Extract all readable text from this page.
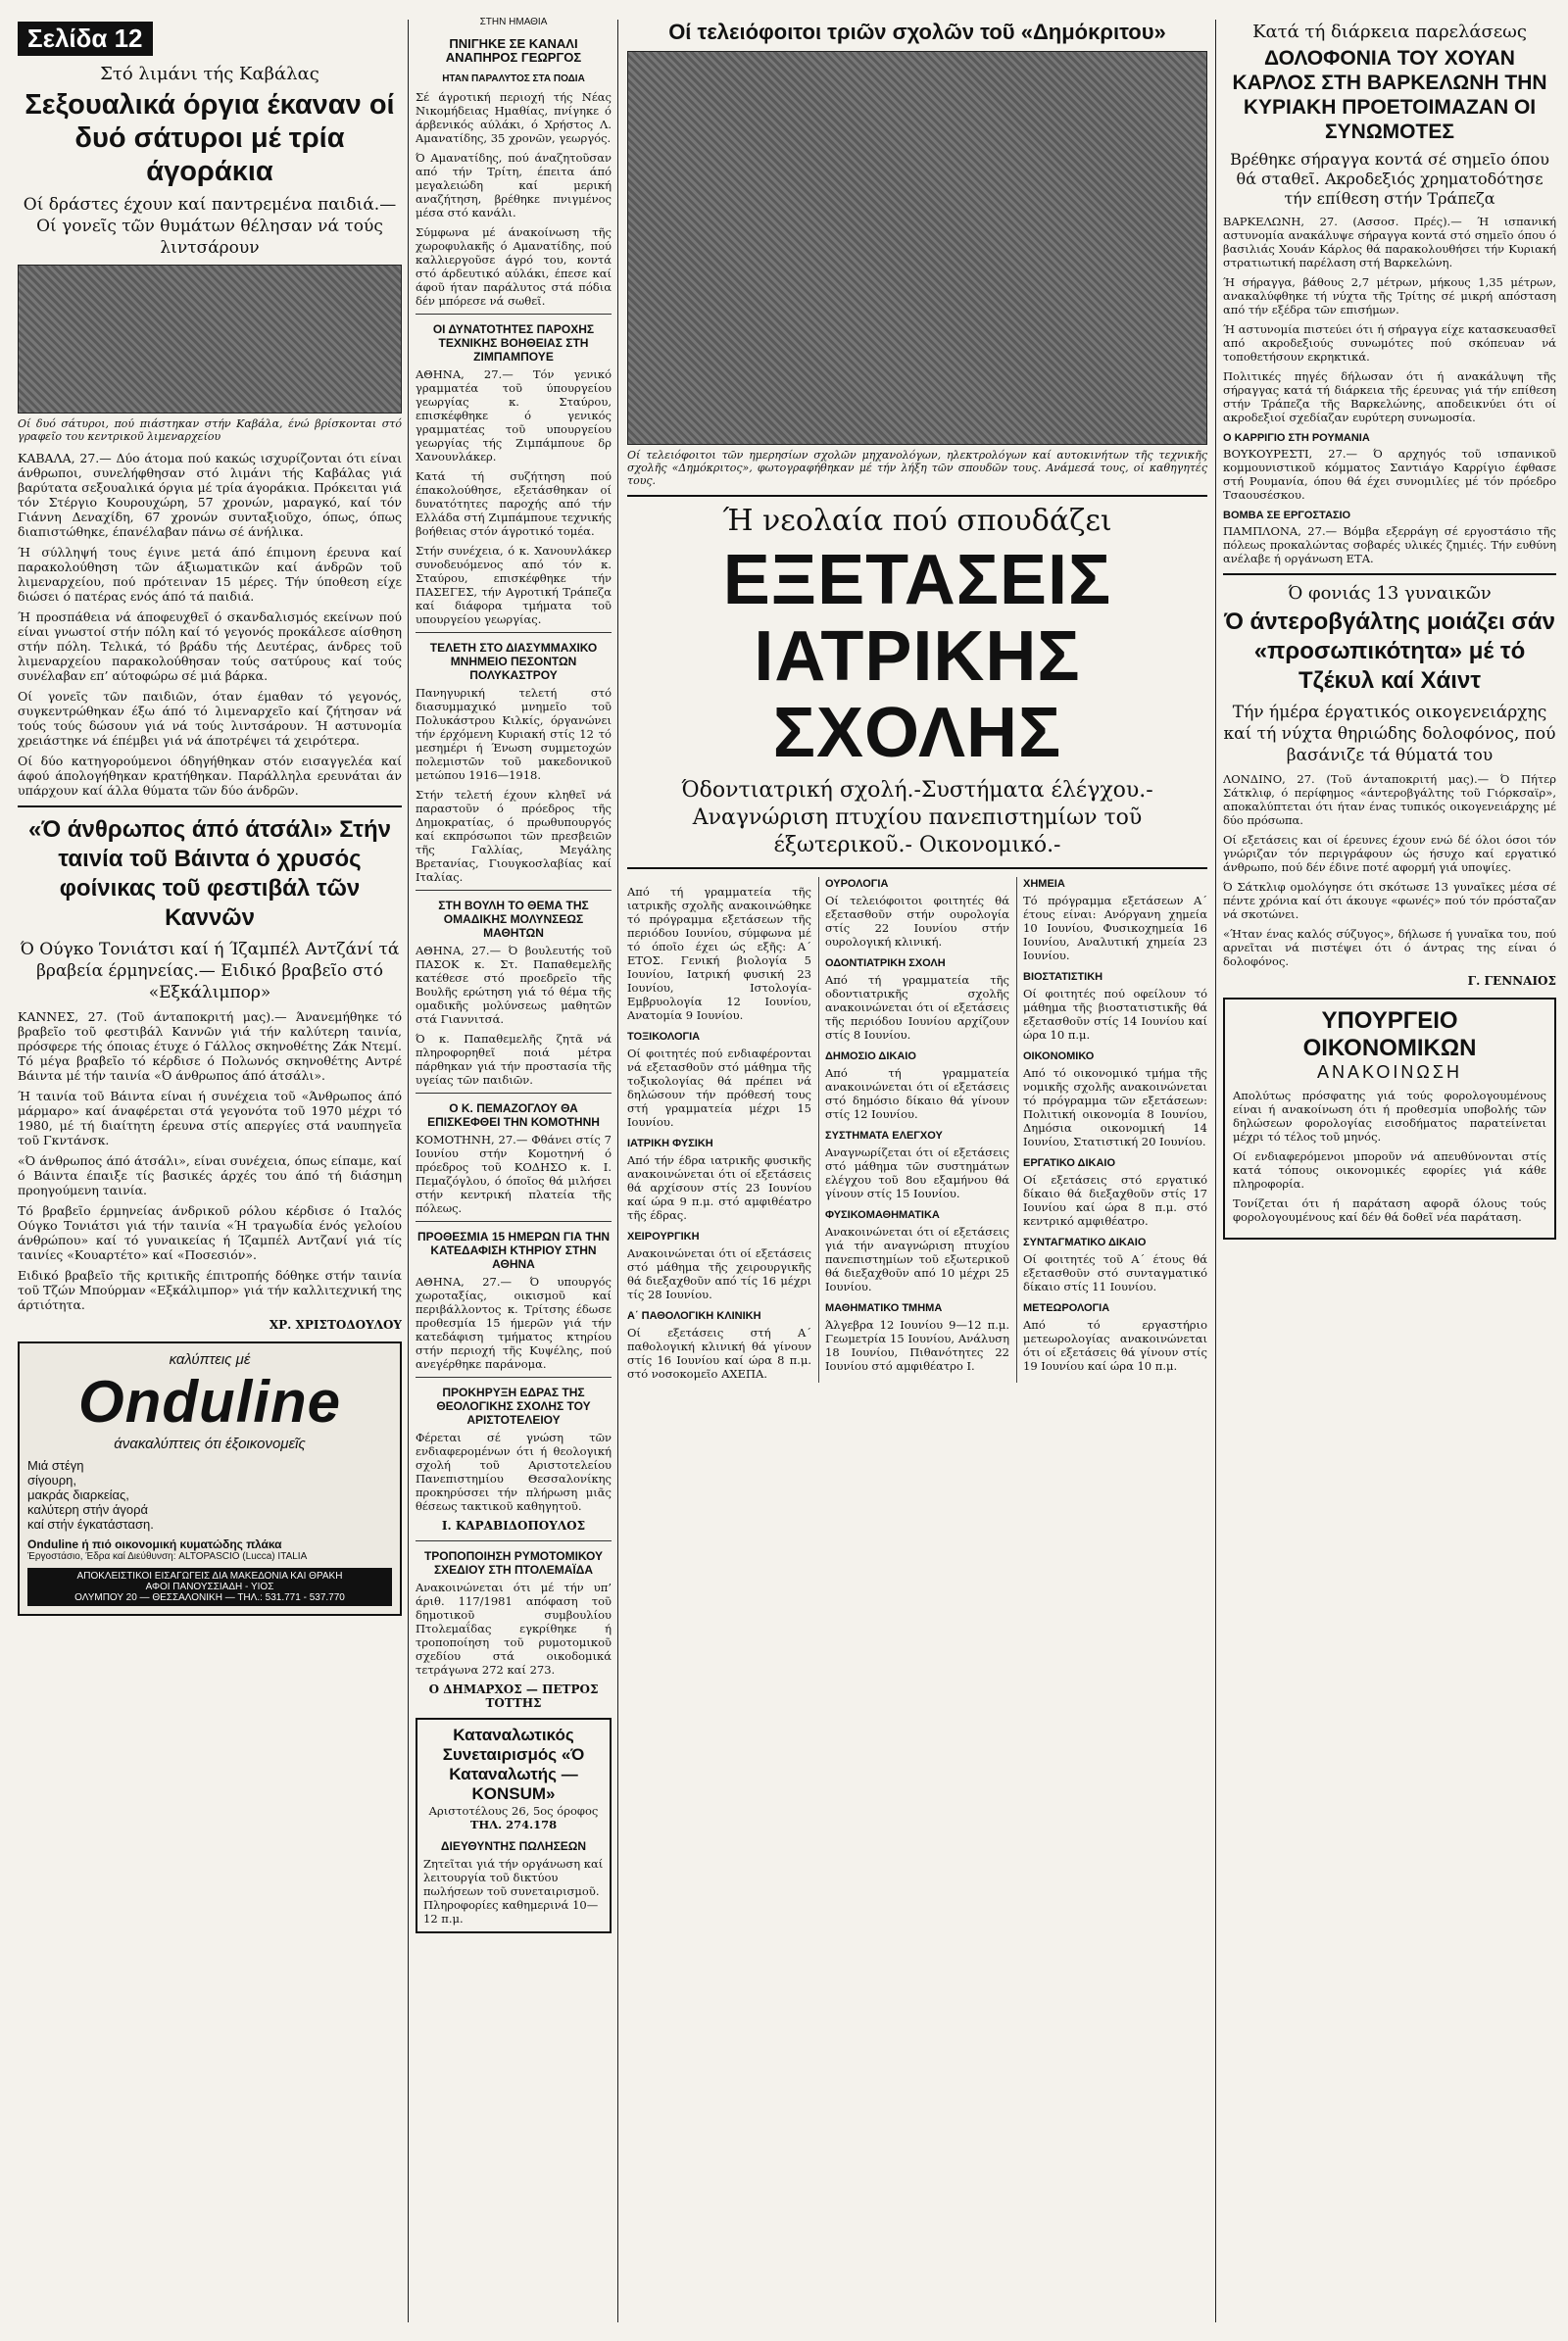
Σελίδα 12
Στό λιμάνι τής Καβάλας
Σεξουαλικά όργια έκαναν οί δυό σάτυροι μέ τρία άγοράκια
Οί δράστες έχουν καί παντρεμένα παιδιά.— Οί γονεῖς τῶν θυμάτων θέλησαν νά τούς λιντσάρουν
Οί δυό σάτυροι, πού πιάστηκαν στήν Καβάλα, ένώ βρίσκονται στό γραφεῖο του κεντρικοῦ λιμεναρχείου

ΚΑΒΑΛΑ, 27.— Δύο άτομα πού κακώς ισχυρίζονται ότι είναι άνθρωποι, συνελήφθησαν στό λιμάνι τής Καβάλας γιά βαρύτατα σεξουαλικά όργια μέ τρία άγοράκια. Πρόκειται γιά τόν Στέργιο Κουρουχώρη, 57 χρονών, μαραγκό, καί τόν Γιάννη Δεναχίδη, 67 χρονών συνταξιοῦχο, όπως, όπως διαπιστώθηκε, έπανέλαβαν πάνω σέ άνήλικα.

Ή σύλληψή τους έγινε μετά άπό έπιμονη έρευνα καί παρακολούθηση τῶν άξιωματικῶν καί άνδρῶν τοῦ λιμεναρχείου, πού πρότειναν 15 μέρες. Τήν ύποθεση είχε διώσει ό πατέρας ενός άπό τά παιδιά.

Ή προσπάθεια νά άποφευχθεῖ ό σκανδαλισμός εκείνων πού είναι γνωστοί στήν πόλη καί τό γεγονός προκάλεσε αίσθηση στήν πόλη. Τελικά, τό βράδυ τής Δευτέρας, άνδρες τοῦ λιμεναρχείου παρακολούθησαν τούς σατύρους καί τούς συνέλαβαν επ’ αύτοφώρω σέ μιά βάρκα.

Οί γονεῖς τῶν παιδιῶν, όταν έμαθαν τό γεγονός, συγκεντρώθηκαν έξω άπό τό λιμεναρχεῖο καί ζήτησαν νά τούς τούς δώσουν γιά νά τούς λιντσάρουν. Ή αστυνομία χρειάστηκε νά έπέμβει γιά νά άποτρέψει τά χειρότερα.

Οί δύο κατηγορούμενοι όδηγήθηκαν στόν εισαγγελέα καί άφού άπολογήθηκαν κρατήθηκαν. Παράλληλα ερευνάται άν υπάρχουν καί άλλα θύματα τῶν δύο άνδρῶν.

«Ό άνθρωπος άπό άτσάλι» Στήν ταινία τοῦ Βάιντα ό χρυσός φοίνικας τοῦ φεστιβάλ τῶν Καννῶν
Ό Ούγκο Τονιάτσι καί ή Ίζαμπέλ Αντζάνί τά βραβεία έρμηνείας.— Ειδικό βραβεῖο στό «Εξκάλιμπορ»

ΚΑΝΝΕΣ, 27. (Τοῦ άνταποκριτή μας).— Άνανεμήθηκε τό βραβεῖο τοῦ φεστιβάλ Καννῶν γιά τήν καλύτερη ταινία, πρόσφερε τής όποιας έτυχε ό Γάλλος σκηνοθέτης Ζάκ Ντεμί. Τό μέγα βραβεῖο τό κέρδισε ό Πολωνός σκηνοθέτης Αντρέ Βάιντα μέ τήν ταινία «Ό άνθρωπος άπό άτσάλι».

Ή ταινία τοῦ Βάιντα είναι ή συνέχεια τοῦ «Άνθρωπος άπό μάρμαρο» καί άναφέρεται στά γεγονότα τοῦ 1970 μέχρι τό 1980, μέ τή διαίτητη έρευνα στίς απεργίες στά ναυπηγεῖα τοῦ Γκντάνσκ.

«Ό άνθρωπος άπό άτσάλι», είναι συνέχεια, όπως είπαμε, καί ό Βάιντα έπαιξε τίς βασικές άρχές του άπό τή διάσημη προηγούμενη ταινία.

Τό βραβεῖο έρμηνείας άνδρικοῦ ρόλου κέρδισε ό Ιταλός Ούγκο Τονιάτσι γιά τήν ταινία «Ή τραγωδία ένός γελοίου άνθρώπου» καί τό γυναικείας ή Ίζαμπέλ Αντζανί γιά τίς ταινίες «Κουαρτέτο» καί «Ποσεσιόν».

Ειδικό βραβεῖο τῆς κριτικῆς έπιτροπής δόθηκε στήν ταινία τοῦ Τζών Μπούρμαν «Εξκάλιμπορ» γιά τήν καλλιτεχνική της άρτιότητα.

ΧΡ. ΧΡΙΣΤΟΔΟΥΛΟΥ
καλύπτεις μέ
Onduline
άνακαλύπτεις ότι έξοικονομεῖς
Μιά στέγη
σίγουρη,
μακράς διαρκείας,
καλύτερη στήν άγορά
καί στήν έγκατάσταση.
Onduline ή πιό οικονομική κυματώδης πλάκα
Έργοστάσιο, Έδρα καί Διεύθυνση: ALTOPASCIO (Lucca) ITALIA
ΑΠΟΚΛΕΙΣΤΙΚΟΙ ΕΙΣΑΓΩΓΕΙΣ ΔΙΑ ΜΑΚΕΔΟΝΙΑ ΚΑΙ ΘΡΑΚΗ
ΑΦΟΙ ΠΑΝΟΥΣΣΙΑΔΗ - ΥΙΟΣ
ΟΛΥΜΠΟΥ 20 — ΘΕΣΣΑΛΟΝΙΚΗ — ΤΗΛ.: 531.771 - 537.770
ΣΤΗΝ ΗΜΑΘΙΑ
ΠΝΙΓΗΚΕ ΣΕ ΚΑΝΑΛΙ ΑΝΑΠΗΡΟΣ ΓΕΩΡΓΟΣ
ΗΤΑΝ ΠΑΡΑΛΥΤΟΣ ΣΤΑ ΠΟΔΙΑ

Σέ άγροτική περιοχή τής Νέας Νικομήδειας Ημαθίας, πνίγηκε ό άρβενικός αύλάκι, ό Χρήστος Λ. Αμανατίδης, 35 χρονῶν, γεωργός.

Ό Αμανατίδης, πού άναζητοῦσαν από τήν Τρίτη, έπειτα άπό μεγαλειώδη καί μερική αναζήτηση, βρέθηκε πνιγμένος μέσα στό κανάλι.

Σύμφωνα μέ άνακοίνωση τῆς χωροφυλακῆς ό Αμανατίδης, πού καλλιεργοῦσε άγρό του, κοντά στό άρδευτικό αύλάκι, έπεσε καί άφοῦ ήταν παράλυτος στά πόδια δέν μπόρεσε νά σωθεῖ.

ΟΙ ΔΥΝΑΤΟΤΗΤΕΣ ΠΑΡΟΧΗΣ ΤΕΧΝΙΚΗΣ ΒΟΗΘΕΙΑΣ ΣΤΗ ΖΙΜΠΑΜΠΟΥΕ

ΑΘΗΝΑ, 27.— Τόν γενικό γραμματέα τοῦ ύπουργείου γεωργίας κ. Σταύρου, επισκέφθηκε ό γενικός γραμματέας τοῦ υπουργείου γεωργίας τής Ζιμπάμπουε δρ Χανουνλάκερ.

Κατά τή συζήτηση πού έπακολούθησε, εξετάσθηκαν οί δυνατότητες παροχής από τήν Ελλάδα στή Ζιμπάμπουε τεχνικής βοήθειας στόν άγροτικό τομέα.

Στήν συνέχεια, ό κ. Χανουνλάκερ συνοδευόμενος από τόν κ. Σταύρου, επισκέφθηκε τήν ΠΑΣΕΓΕΣ, τήν Αγροτική Τράπεζα καί διάφορα τμήματα τοῦ υπουργείου γεωργίας.

ΤΕΛΕΤΗ ΣΤΟ ΔΙΑΣΥΜΜΑΧΙΚΟ ΜΝΗΜΕΙΟ ΠΕΣΟΝΤΩΝ ΠΟΛΥΚΑΣΤΡΟΥ

Πανηγυρική τελετή στό διασυμμαχικό μνημεῖο τοῦ Πολυκάστρου Κιλκίς, όργανώνει τήν έρχόμενη Κυριακή στίς 12 τό μεσημέρι ή Ένωση συμμετοχών πολεμιστῶν τοῦ μακεδονικοῦ μετώπου 1916—1918.

Στήν τελετή έχουν κληθεῖ νά παραστοῦν ό πρόεδρος τῆς Δημοκρατίας, ό πρωθυπουργός καί εκπρόσωποι τῶν πρεσβειῶν τῆς Γαλλίας, Μεγάλης Βρετανίας, Γιουγκοσλαβίας καί Ιταλίας.

ΣΤΗ ΒΟΥΛΗ ΤΟ ΘΕΜΑ ΤΗΣ ΟΜΑΔΙΚΗΣ ΜΟΛΥΝΣΕΩΣ ΜΑΘΗΤΩΝ

ΑΘΗΝΑ, 27.— Ό βουλευτής τοῦ ΠΑΣΟΚ κ. Στ. Παπαθεμελῆς κατέθεσε στό προεδρεῖο τῆς Βουλῆς ερώτηση γιά τό θέμα τῆς ομαδικῆς μολύνσεως μαθητῶν στά Γιαννιτσά.

Ό κ. Παπαθεμελῆς ζητᾶ νά πληροφορηθεῖ ποιά μέτρα πάρθηκαν γιά τήν προστασία τῆς υγείας τῶν παιδιῶν.

Ο Κ. ΠΕΜΑΖΟΓΛΟΥ ΘΑ ΕΠΙΣΚΕΦΘΕΙ ΤΗΝ ΚΟΜΟΤΗΝΗ

ΚΟΜΟΤΗΝΗ, 27.— Φθάνει στίς 7 Ιουνίου στήν Κομοτηνή ό πρόεδρος τοῦ ΚΟΔΗΣΟ κ. Ι. Πεμαζόγλου, ό όποῖος θά μιλήσει στήν κεντρική πλατεία τῆς πόλεως.

ΠΡΟΘΕΣΜΙΑ 15 ΗΜΕΡΩΝ ΓΙΑ ΤΗΝ ΚΑΤΕΔΑΦΙΣΗ ΚΤΗΡΙΟΥ ΣΤΗΝ ΑΘΗΝΑ

ΑΘΗΝΑ, 27.— Ό υπουργός χωροταξίας, οικισμοῦ καί περιβάλλοντος κ. Τρίτσης έδωσε προθεσμία 15 ήμερῶν γιά τήν κατεδάφιση τμήματος κτηρίου στήν περιοχή τῆς Κυψέλης, πού ανεγέρθηκε παράνομα.

ΠΡΟΚΗΡΥΞΗ ΕΔΡΑΣ ΤΗΣ ΘΕΟΛΟΓΙΚΗΣ ΣΧΟΛΗΣ ΤΟΥ ΑΡΙΣΤΟΤΕΛΕΙΟΥ

Φέρεται σέ γνώση τῶν ενδιαφερομένων ότι ή θεολογική σχολή τοῦ Αριστοτελείου Πανεπιστημίου Θεσσαλονίκης προκηρύσσει τήν πλήρωση μιᾶς θέσεως τακτικοῦ καθηγητοῦ.

Ι. ΚΑΡΑΒΙΔΟΠΟΥΛΟΣ
ΤΡΟΠΟΠΟΙΗΣΗ ΡΥΜΟΤΟΜΙΚΟΥ ΣΧΕΔΙΟΥ ΣΤΗ ΠΤΟΛΕΜΑΪΔΑ

Ανακοινώνεται ότι μέ τήν υπ’ άριθ. 117/1981 απόφαση τοῦ δημοτικοῦ συμβουλίου Πτολεμαΐδας εγκρίθηκε ή τροποποίηση τοῦ ρυμοτομικοῦ σχεδίου στά οικοδομικά τετράγωνα 272 καί 273.

Ο ΔΗΜΑΡΧΟΣ — ΠΕΤΡΟΣ ΤΟΤΤΗΣ
Καταναλωτικός Συνεταιρισμός «Ό Καταναλωτής — KONSUM»
Αριστοτέλους 26, 5ος όροφος
ΤΗΛ. 274.178
ΔΙΕΥΘΥΝΤΗΣ ΠΩΛΗΣΕΩΝ
Ζητεῖται γιά τήν οργάνωση καί λειτουργία τοῦ δικτύου πωλήσεων τοῦ συνεταιρισμοῦ. Πληροφορίες καθημερινά 10—12 π.μ.
Οί τελειόφοιτοι τριῶν σχολῶν τοῦ «Δημόκριτου»
Οί τελειόφοιτοι τῶν ημερησίων σχολῶν μηχανολόγων, ηλεκτρολόγων καί αυτοκινήτων τῆς τεχνικῆς σχολῆς «Δημόκριτος», φωτογραφήθηκαν μέ τήν λήξη τῶν σπουδῶν τους. Ανάμεσά τους, οί καθηγητές τους.
Ή νεολαία πού σπουδάζει
ΕΞΕΤΑΣΕΙΣ ΙΑΤΡΙΚΗΣ ΣΧΟΛΗΣ
Όδοντιατρική σχολή.-Συστήματα έλέγχου.- Αναγνώριση πτυχίου πανεπιστημίων τοῦ έξωτερικοῦ.- Οικονομικό.-

Από τή γραμματεία τῆς ιατρικῆς σχολῆς ανακοινώθηκε τό πρόγραμμα εξετάσεων τῆς περιόδου Ιουνίου, σύμφωνα μέ τό όποῖο έχει ώς εξῆς: Α΄ ΕΤΟΣ. Γενική βιολογία 5 Ιουνίου, Ιατρική φυσική 23 Ιουνίου, Ιστολογία-Εμβρυολογία 12 Ιουνίου, Ανατομία 9 Ιουνίου.

ΤΟΞΙΚΟΛΟΓΙΑ

Οί φοιτητές πού ενδιαφέρονται νά εξετασθοῦν στό μάθημα τῆς τοξικολογίας θά πρέπει νά δηλώσουν τήν πρόθεσή τους στή γραμματεία μέχρι 15 Ιουνίου.

ΙΑΤΡΙΚΗ ΦΥΣΙΚΗ

Από τήν έδρα ιατρικῆς φυσικῆς ανακοινώνεται ότι οί εξετάσεις θά αρχίσουν στίς 23 Ιουνίου καί ώρα 9 π.μ. στό αμφιθέατρο τῆς έδρας.

ΧΕΙΡΟΥΡΓΙΚΗ

Ανακοινώνεται ότι οί εξετάσεις στό μάθημα τῆς χειρουργικῆς θά διεξαχθοῦν από τίς 16 μέχρι τίς 28 Ιουνίου.

Α΄ ΠΑΘΟΛΟΓΙΚΗ ΚΛΙΝΙΚΗ

Οί εξετάσεις στή Α΄ παθολογική κλινική θά γίνουν στίς 16 Ιουνίου καί ώρα 8 π.μ. στό νοσοκομεῖο ΑΧΕΠΑ.

ΟΥΡΟΛΟΓΙΑ

Οί τελειόφοιτοι φοιτητές θά εξετασθοῦν στήν ουρολογία στίς 22 Ιουνίου στήν ουρολογική κλινική.

ΟΔΟΝΤΙΑΤΡΙΚΗ ΣΧΟΛΗ

Από τή γραμματεία τῆς οδοντιατρικῆς σχολῆς ανακοινώνεται ότι οί εξετάσεις τῆς περιόδου Ιουνίου αρχίζουν στίς 8 Ιουνίου.

ΔΗΜΟΣΙΟ ΔΙΚΑΙΟ

Από τή γραμματεία ανακοινώνεται ότι οί εξετάσεις στό δημόσιο δίκαιο θά γίνουν στίς 12 Ιουνίου.

ΣΥΣΤΗΜΑΤΑ ΕΛΕΓΧΟΥ

Αναγνωρίζεται ότι οί εξετάσεις στό μάθημα τῶν συστημάτων ελέγχου τοῦ 8ου εξαμήνου θά γίνουν στίς 15 Ιουνίου.

ΦΥΣΙΚΟΜΑΘΗΜΑΤΙΚΑ

Ανακοινώνεται ότι οί εξετάσεις γιά τήν αναγνώριση πτυχίου πανεπιστημίων τοῦ εξωτερικοῦ θά διεξαχθοῦν από 10 μέχρι 25 Ιουνίου.

ΜΑΘΗΜΑΤΙΚΟ ΤΜΗΜΑ

Άλγεβρα 12 Ιουνίου 9—12 π.μ. Γεωμετρία 15 Ιουνίου, Ανάλυση 18 Ιουνίου, Πιθανότητες 22 Ιουνίου στό αμφιθέατρο Ι.

ΧΗΜΕΙΑ

Τό πρόγραμμα εξετάσεων Α΄ έτους είναι: Ανόργανη χημεία 10 Ιουνίου, Φυσικοχημεία 16 Ιουνίου, Αναλυτική χημεία 23 Ιουνίου.

ΒΙΟΣΤΑΤΙΣΤΙΚΗ

Οί φοιτητές πού οφείλουν τό μάθημα τῆς βιοστατιστικῆς θά εξετασθοῦν στίς 14 Ιουνίου καί ώρα 10 π.μ.

ΟΙΚΟΝΟΜΙΚΟ

Από τό οικονομικό τμήμα τῆς νομικῆς σχολῆς ανακοινώνεται τό πρόγραμμα τῶν εξετάσεων: Πολιτική οικονομία 8 Ιουνίου, Δημόσια οικονομική 14 Ιουνίου, Στατιστική 20 Ιουνίου.

ΕΡΓΑΤΙΚΟ ΔΙΚΑΙΟ

Οί εξετάσεις στό εργατικό δίκαιο θά διεξαχθοῦν στίς 17 Ιουνίου καί ώρα 8 π.μ. στό κεντρικό αμφιθέατρο.

ΣΥΝΤΑΓΜΑΤΙΚΟ ΔΙΚΑΙΟ

Οί φοιτητές τοῦ Α΄ έτους θά εξετασθοῦν στό συνταγματικό δίκαιο στίς 11 Ιουνίου.

ΜΕΤΕΩΡΟΛΟΓΙΑ

Από τό εργαστήριο μετεωρολογίας ανακοινώνεται ότι οί εξετάσεις θά γίνουν στίς 19 Ιουνίου καί ώρα 10 π.μ.

Κατά τή διάρκεια παρελάσεως
ΔΟΛΟΦΟΝΙΑ ΤΟΥ ΧΟΥΑΝ ΚΑΡΛΟΣ ΣΤΗ ΒΑΡΚΕΛΩΝΗ ΤΗΝ ΚΥΡΙΑΚΗ ΠΡΟΕΤΟΙΜΑΖΑΝ ΟΙ ΣΥΝΩΜΟΤΕΣ
Βρέθηκε σήραγγα κοντά σέ σημεῖο όπου θά σταθεῖ. Ακροδεξιός χρηματοδότησε τήν επίθεση στήν Τράπεζα

ΒΑΡΚΕΛΩΝΗ, 27. (Ασσοσ. Πρές).— Ή ισπανική αστυνομία ανακάλυψε σήραγγα κοντά στό σημεῖο όπου ό βασιλιάς Χουάν Κάρλος θά παρακολουθήσει τήν Κυριακή στρατιωτική παρέλαση στή Βαρκελώνη.

Ή σήραγγα, βάθους 2,7 μέτρων, μήκους 1,35 μέτρων, ανακαλύφθηκε τή νύχτα τῆς Τρίτης σέ μικρή απόσταση από τήν εξέδρα τῶν επισήμων.

Ή αστυνομία πιστεύει ότι ή σήραγγα είχε κατασκευασθεῖ από ακροδεξιούς συνωμότες πού σκόπευαν νά τοποθετήσουν εκρηκτικά.

Πολιτικές πηγές δήλωσαν ότι ή ανακάλυψη τῆς σήραγγας κατά τή διάρκεια τῆς έρευνας γιά τήν επίθεση στήν Τράπεζα τῆς Βαρκελώνης, αποδεικνύει ότι οί ακροδεξιοί σχεδίαζαν ευρύτερη συνωμοσία.

Ο ΚΑΡΡΙΓΙΟ ΣΤΗ ΡΟΥΜΑΝΙΑ

ΒΟΥΚΟΥΡΕΣΤΙ, 27.— Ό αρχηγός τοῦ ισπανικοῦ κομμουνιστικοῦ κόμματος Σαντιάγο Καρρίγιο έφθασε στή Ρουμανία, όπου θά έχει συνομιλίες μέ τόν πρόεδρο Τσαουσέσκου.

ΒΟΜΒΑ ΣΕ ΕΡΓΟΣΤΑΣΙΟ

ΠΑΜΠΛΟΝΑ, 27.— Βόμβα εξερράγη σέ εργοστάσιο τῆς πόλεως προκαλώντας σοβαρές υλικές ζημιές. Τήν ευθύνη ανέλαβε ή οργάνωση ΕΤΑ.

Ό φονιάς 13 γυναικῶν
Ό άντεροβγάλτης μοιάζει σάν «προσωπικότητα» μέ τό Τζέκυλ καί Χάιντ
Τήν ήμέρα έργατικός οικογενειάρχης καί τή νύχτα θηριώδης δολοφόνος, πού βασάνιζε τά θύματά του

ΛΟΝΔΙΝΟ, 27. (Τοῦ άνταποκριτή μας).— Ό Πήτερ Σάτκλιφ, ό περίφημος «άντεροβγάλτης τοῦ Γιόρκσαϊρ», αποκαλύπτεται ότι ήταν ένας τυπικός οικογενειάρχης μέ δύο πρόσωπα.

Οί εξετάσεις και οί έρευνες έχουν ενώ δέ όλοι όσοι τόν γνώριζαν τόν περιγράφουν ώς ήσυχο καί εργατικό άνθρωπο, πού δέν έδινε ποτέ αφορμή γιά υποψίες.

Ό Σάτκλιφ ομολόγησε ότι σκότωσε 13 γυναῖκες μέσα σέ πέντε χρόνια καί ότι άκουγε «φωνές» πού τόν πρόσταζαν νά σκοτώνει.

«Ήταν ένας καλός σύζυγος», δήλωσε ή γυναῖκα του, πού αρνεῖται νά πιστέψει ότι ό άντρας της είναι ό δολοφόνος.

Γ. ΓΕΝΝΑΙΟΣ
ΥΠΟΥΡΓΕΙΟ ΟΙΚΟΝΟΜΙΚΩΝ
ΑΝΑΚΟΙΝΩΣΗ

Απολύτως πρόσφατης γιά τούς φορολογουμένους είναι ή ανακοίνωση ότι ή προθεσμία υποβολής τῶν δηλώσεων φορολογίας εισοδήματος παρατείνεται μέχρι τό τέλος τοῦ μηνός.

Οί ενδιαφερόμενοι μποροῦν νά απευθύνονται στίς κατά τόπους οικονομικές εφορίες γιά κάθε πληροφορία.

Τονίζεται ότι ή παράταση αφορᾶ όλους τούς φορολογουμένους καί δέν θά δοθεῖ νέα παράταση.
